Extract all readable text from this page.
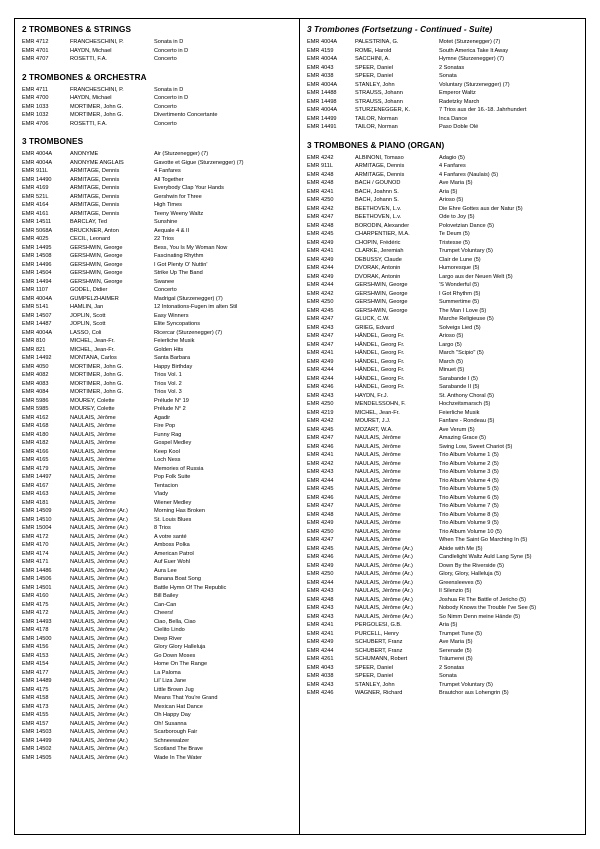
2 TROMBONES & STRINGS
EMR 4712	FRANCHESCHINI, P.	Sonata in D
EMR 4701	HAYDN, Michael	Concerto in D
EMR 4707	ROSETTI, F.A.	Concerto
2 TROMBONES & ORCHESTRA
EMR 4711	FRANCHESCHINI, P.	Sonata in D
EMR 4700	HAYDN, Michael	Concerto in D
EMR 1033	MORTIMER, John G.	Concerto
EMR 1032	MORTIMER, John G.	Divertimento Concertante
EMR 4706	ROSETTI, F.A.	Concerto
3 TROMBONES
EMR 4004A	ANONYME	Air (Sturzenegger) (7)
EMR 4004A	ANONYME ANGLAIS	Gavotte et Gigue (Sturzenegger) (7)
EMR 911L	ARMITAGE, Dennis	4 Fanfares
EMR 14490	ARMITAGE, Dennis	All Together
EMR 4169	ARMITAGE, Dennis	Everybody Clap Your Hands
EMR 521L	ARMITAGE, Dennis	Gershwin for Three
EMR 4164	ARMITAGE, Dennis	High Times
EMR 4161	ARMITAGE, Dennis	Teeny Weeny Waltz
EMR 14511	BARCLAY, Ted	Sunshine
EMR 5068A	BRUCKNER, Anton	Aequale 4 & II
EMR 4025	CECIL, Leonard	22 Trios
EMR 14495	GERSHWIN, George	Bess, You Is My Woman Now
EMR 14508	GERSHWIN, George	Fascinating Rhythm
EMR 14496	GERSHWIN, George	I Got Plenty O' Nuttin'
EMR 14504	GERSHWIN, George	Strike Up The Band
EMR 14494	GERSHWIN, George	Swanee
EMR 1107	GODEL, Didier	Concerto
EMR 4004A	GUMPELZHAIMER	Madrigal (Sturzenegger) (7)
EMR 5141	HAMLIN, Jan	12 Intonations-Fugen im alten Stil
EMR 14507	JOPLIN, Scott	Easy Winners
EMR 14487	JOPLIN, Scott	Elite Syncopations
EMR 4004A	LASSO, Coli	Ricercar (Sturzenegger) (7)
EMR 810	MICHEL, Jean-Fr.	Feierliche Musik
EMR 821	MICHEL, Jean-Fr.	Golden Hits
EMR 14492	MONTANA, Carlos	Santa Barbara
EMR 4050	MORTIMER, John G.	Happy Birthday
EMR 4082	MORTIMER, John G.	Trios Vol. 1
EMR 4083	MORTIMER, John G.	Trios Vol. 2
EMR 4084	MORTIMER, John G.	Trios Vol. 3
EMR 5986	MOUREY, Colette	Prélude N° 19
EMR 5985	MOUREY, Colette	Prélude N° 2
EMR 4162	NAULAIS, Jérôme	Agadir
EMR 4168	NAULAIS, Jérôme	Fire Pop
EMR 4180	NAULAIS, Jérôme	Funny Rag
EMR 4182	NAULAIS, Jérôme	Gospel Medley
EMR 4166	NAULAIS, Jérôme	Keep Kool
EMR 4165	NAULAIS, Jérôme	Loch Ness
EMR 4179	NAULAIS, Jérôme	Memories of Russia
EMR 14497	NAULAIS, Jérôme	Pop Folk Suite
EMR 4167	NAULAIS, Jérôme	Tentacion
EMR 4163	NAULAIS, Jérôme	Vlady
EMR 4181	NAULAIS, Jérôme	Wiener Medley
EMR 14509	NAULAIS, Jérôme (Ar.)	Morning Has Broken
EMR 14510	NAULAIS, Jérôme (Ar.)	St. Louis Blues
EMR 15004	NAULAIS, Jérôme (Ar.)	8 Trios
EMR 4172	NAULAIS, Jérôme (Ar.)	A votre santé
EMR 4170	NAULAIS, Jérôme (Ar.)	Amboss Polka
EMR 4174	NAULAIS, Jérôme (Ar.)	American Patrol
EMR 4171	NAULAIS, Jérôme (Ar.)	Auf Euer Wohl
EMR 14486	NAULAIS, Jérôme (Ar.)	Aura Lee
EMR 14506	NAULAIS, Jérôme (Ar.)	Banana Boat Song
EMR 14501	NAULAIS, Jérôme (Ar.)	Battle Hymn Of The Republic
EMR 4160	NAULAIS, Jérôme (Ar.)	Bill Bailey
EMR 4175	NAULAIS, Jérôme (Ar.)	Can-Can
EMR 4172	NAULAIS, Jérôme (Ar.)	Cheers!
EMR 14493	NAULAIS, Jérôme (Ar.)	Ciao, Bella, Ciao
EMR 4178	NAULAIS, Jérôme (Ar.)	Cielito Lindo
EMR 14500	NAULAIS, Jérôme (Ar.)	Deep River
EMR 4156	NAULAIS, Jérôme (Ar.)	Glory Glory Halleluja
EMR 4153	NAULAIS, Jérôme (Ar.)	Go Down Moses
EMR 4154	NAULAIS, Jérôme (Ar.)	Home On The Range
EMR 4177	NAULAIS, Jérôme (Ar.)	La Paloma
EMR 14489	NAULAIS, Jérôme (Ar.)	Lil' Liza Jane
EMR 4175	NAULAIS, Jérôme (Ar.)	Little Brown Jug
EMR 4158	NAULAIS, Jérôme (Ar.)	Means That You're Grand
EMR 4173	NAULAIS, Jérôme (Ar.)	Mexican Hat Dance
EMR 4155	NAULAIS, Jérôme (Ar.)	Oh Happy Day
EMR 4157	NAULAIS, Jérôme (Ar.)	Oh! Susanna
EMR 14503	NAULAIS, Jérôme (Ar.)	Scarborough Fair
EMR 14499	NAULAIS, Jérôme (Ar.)	Schneewalzer
EMR 14502	NAULAIS, Jérôme (Ar.)	Scotland The Brave
EMR 14505	NAULAIS, Jérôme (Ar.)	Wade In The Water
3 Trombones (Fortsetzung - Continued - Suite)
EMR 4004A	PALESTRINA, G.	Motet (Sturzenegger) (7)
EMR 4159	ROME, Harold	South America Take It Away
EMR 4004A	SACCHINI, A.	Hymne (Sturzenegger) (7)
EMR 4043	SPEER, Daniel	2 Sonatas
EMR 4038	SPEER, Daniel	Sonata
EMR 4004A	STANLEY, John	Voluntary (Sturzenegger) (7)
EMR 14488	STRAUSS, Johann	Emperor Waltz
EMR 14498	STRAUSS, Johann	Radetzky March
EMR 4004A	STURZENEGGER, K.	7 Trios aus der 16.-18. Jahrhundert
EMR 14499	TAILOR, Norman	Inca Dance
EMR 14491	TAILOR, Norman	Paso Doble Olé
3 TROMBONES & PIANO (ORGAN)
EMR 4242	ALBINONI, Tomaso	Adagio (5)
EMR 911L	ARMITAGE, Dennis	4 Fanfares
EMR 4248	ARMITAGE, Dennis	4 Fanfares (Naulais) (5)
EMR 4248	BACH / GOUNOD	Ave Maria (5)
EMR 4241	BACH, Joahnn S.	Aria (5)
EMR 4250	BACH, Johann S.	Arioso (5)
EMR 4242	BEETHOVEN, L.v.	Die Ehre Gottes aus der Natur (5)
EMR 4247	BEETHOVEN, L.v.	Ode to Joy (5)
EMR 4248	BORODIN, Alexander	Polovetzian Dance (5)
EMR 4245	CHARPENTIER, M.A.	Te Deum (5)
EMR 4249	CHOPIN, Frédéric	Tristesse (5)
EMR 4241	CLARKE, Jeremiah	Trumpet Voluntary (5)
EMR 4249	DEBUSSY, Claude	Clair de Lune (5)
EMR 4244	DVORAK, Antonin	Humoresque (5)
EMR 4249	DVORAK, Antonin	Largo aus der Neuen Welt (5)
EMR 4244	GERSHWIN, George	'S Wonderful (5)
EMR 4242	GERSHWIN, George	I Got Rhythm (5)
EMR 4250	GERSHWIN, George	Summertime (5)
EMR 4245	GERSHWIN, George	The Man I Love (5)
EMR 4247	GLUCK, C.W.	Marche Religieuse (5)
EMR 4243	GRIEG, Edvard	Solveigs Lied (5)
EMR 4247	HÄNDEL, Georg Fr.	Arioso (5)
EMR 4247	HÄNDEL, Georg Fr.	Largo (5)
EMR 4241	HÄNDEL, Georg Fr.	March "Scipio" (5)
EMR 4249	HÄNDEL, Georg Fr.	March (5)
EMR 4244	HÄNDEL, Georg Fr.	Minuet (5)
EMR 4244	HÄNDEL, Georg Fr.	Sarabande I (5)
EMR 4246	HÄNDEL, Georg Fr.	Sarabande II (5)
EMR 4243	HAYDN, Fr.J.	St. Anthony Choral (5)
EMR 4250	MENDELSSOHN, F.	Hochzeitsmarsch (5)
EMR 4219	MICHEL, Jean-Fr.	Feierliche Musik
EMR 4242	MOURET, J.J.	Fanfare - Rondeau (5)
EMR 4245	MOZART, W.A.	Ave Verum (5)
EMR 4247	NAULAIS, Jérôme	Amazing Grace (5)
EMR 4246	NAULAIS, Jérôme	Swing Low, Sweet Chariot (5)
EMR 4241	NAULAIS, Jérôme	Trio Album Volume 1 (5)
EMR 4242	NAULAIS, Jérôme	Trio Album Volume 2 (5)
EMR 4243	NAULAIS, Jérôme	Trio Album Volume 3 (5)
EMR 4244	NAULAIS, Jérôme	Trio Album Volume 4 (5)
EMR 4245	NAULAIS, Jérôme	Trio Album Volume 5 (5)
EMR 4246	NAULAIS, Jérôme	Trio Album Volume 6 (5)
EMR 4247	NAULAIS, Jérôme	Trio Album Volume 7 (5)
EMR 4248	NAULAIS, Jérôme	Trio Album Volume 8 (5)
EMR 4249	NAULAIS, Jérôme	Trio Album Volume 9 (5)
EMR 4250	NAULAIS, Jérôme	Trio Album Volume 10 (5)
EMR 4247	NAULAIS, Jérôme	When The Saint Go Marching In (5)
EMR 4245	NAULAIS, Jérôme (Ar.)	Abide with Me (5)
EMR 4246	NAULAIS, Jérôme (Ar.)	Candlelight Waltz Auld Lang Syne (5)
EMR 4249	NAULAIS, Jérôme (Ar.)	Down By the Riverside (5)
EMR 4250	NAULAIS, Jérôme (Ar.)	Glory, Glory, Halleluja (5)
EMR 4244	NAULAIS, Jérôme (Ar.)	Greensleeves (5)
EMR 4243	NAULAIS, Jérôme (Ar.)	Il Silenzio (5)
EMR 4248	NAULAIS, Jérôme (Ar.)	Joshua Fit The Battle of Jericho (5)
EMR 4243	NAULAIS, Jérôme (Ar.)	Nobody Knows the Trouble I've See (5)
EMR 4243	NAULAIS, Jérôme (Ar.)	So Nimm Denn meine Hände (5)
EMR 4241	PERGOLESI, G.B.	Aria (5)
EMR 4241	PURCELL, Henry	Trumpet Tune (5)
EMR 4249	SCHUBERT, Franz	Ave Maria (5)
EMR 4244	SCHUBERT, Franz	Serenade (5)
EMR 4261	SCHUMANN, Robert	Träumerei (5)
EMR 4043	SPEER, Daniel	2 Sonatas
EMR 4038	SPEER, Daniel	Sonata
EMR 4243	STANLEY, John	Trumpet Voluntary (5)
EMR 4246	WAGNER, Richard	Brautchor aus Lohengrin (5)
